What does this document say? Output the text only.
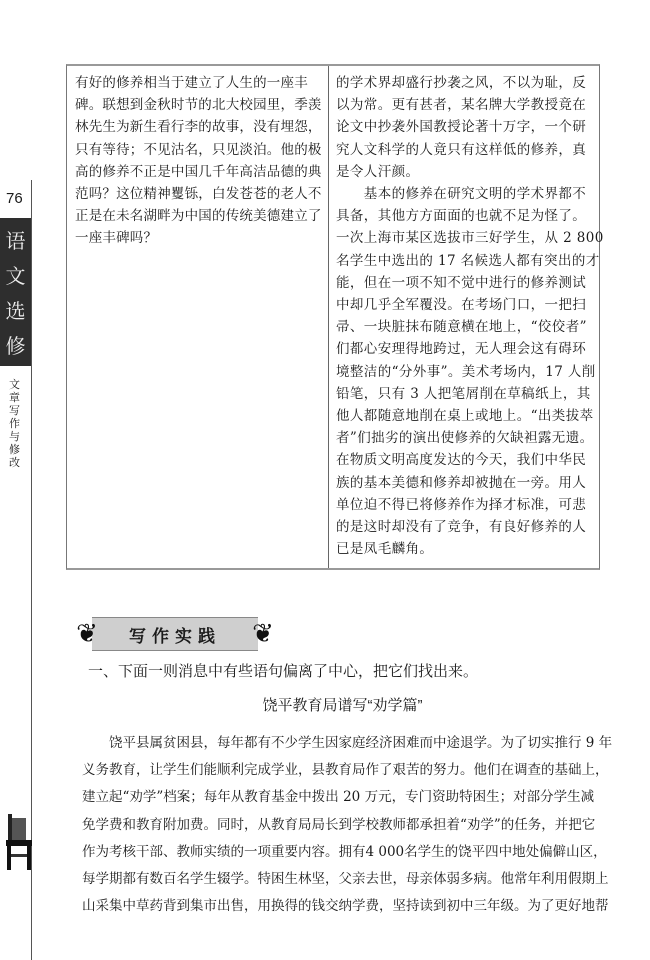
76
语
文
选
修
文章写作与修改
有好的修养相当于建立了人生的一座丰
碑。联想到金秋时节的北大校园里，季羡
林先生为新生看行李的故事，没有埋怨，
只有等待；不见沽名，只见淡泊。他的极
高的修养不正是中国几千年高洁品德的典
范吗？这位精神矍铄，白发苍苍的老人不
正是在未名湖畔为中国的传统美德建立了
一座丰碑吗？
的学术界却盛行抄袭之风，不以为耻，反
以为常。更有甚者，某名牌大学教授竟在
论文中抄袭外国教授论著十万字，一个研
究人文科学的人竟只有这样低的修养，真
是令人汗颜。
　　基本的修养在研究文明的学术界都不
具备，其他方方面面的也就不足为怪了。
一次上海市某区选拔市三好学生，从 2 800
名学生中选出的 17 名候选人都有突出的才
能，但在一项不知不觉中进行的修养测试
中却几乎全军覆没。在考场门口，一把扫
帚、一块脏抹布随意横在地上，“佼佼者”
们都心安理得地跨过，无人理会这有碍环
境整洁的“分外事”。美术考场内，17 人削
铅笔，只有 3 人把笔屑削在草稿纸上，其
他人都随意地削在桌上或地上。“出类拔萃
者”们拙劣的演出使修养的欠缺袒露无遗。
在物质文明高度发达的今天，我们中华民
族的基本美德和修养却被抛在一旁。用人
单位迫不得已将修养作为择才标准，可悲
的是这时却没有了竞争，有良好修养的人
已是凤毛麟角。
❦ 写作实践 ❦
一、下面一则消息中有些语句偏离了中心，把它们找出来。
饶平教育局谱写“劝学篇”
　　饶平县属贫困县，每年都有不少学生因家庭经济困难而中途退学。为了切实推行 9 年
义务教育，让学生们能顺利完成学业，县教育局作了艰苦的努力。他们在调查的基础上，
建立起“劝学”档案；每年从教育基金中拨出 20 万元，专门资助特困生；对部分学生减
免学费和教育附加费。同时，从教育局局长到学校教师都承担着“劝学”的任务，并把它
作为考核干部、教师实绩的一项重要内容。拥有4 000名学生的饶平四中地处偏僻山区，
每学期都有数百名学生辍学。特困生林坚，父亲去世，母亲体弱多病。他常年利用假期上
山采集中草药背到集市出售，用换得的钱交纳学费，坚持读到初中三年级。为了更好地帮
